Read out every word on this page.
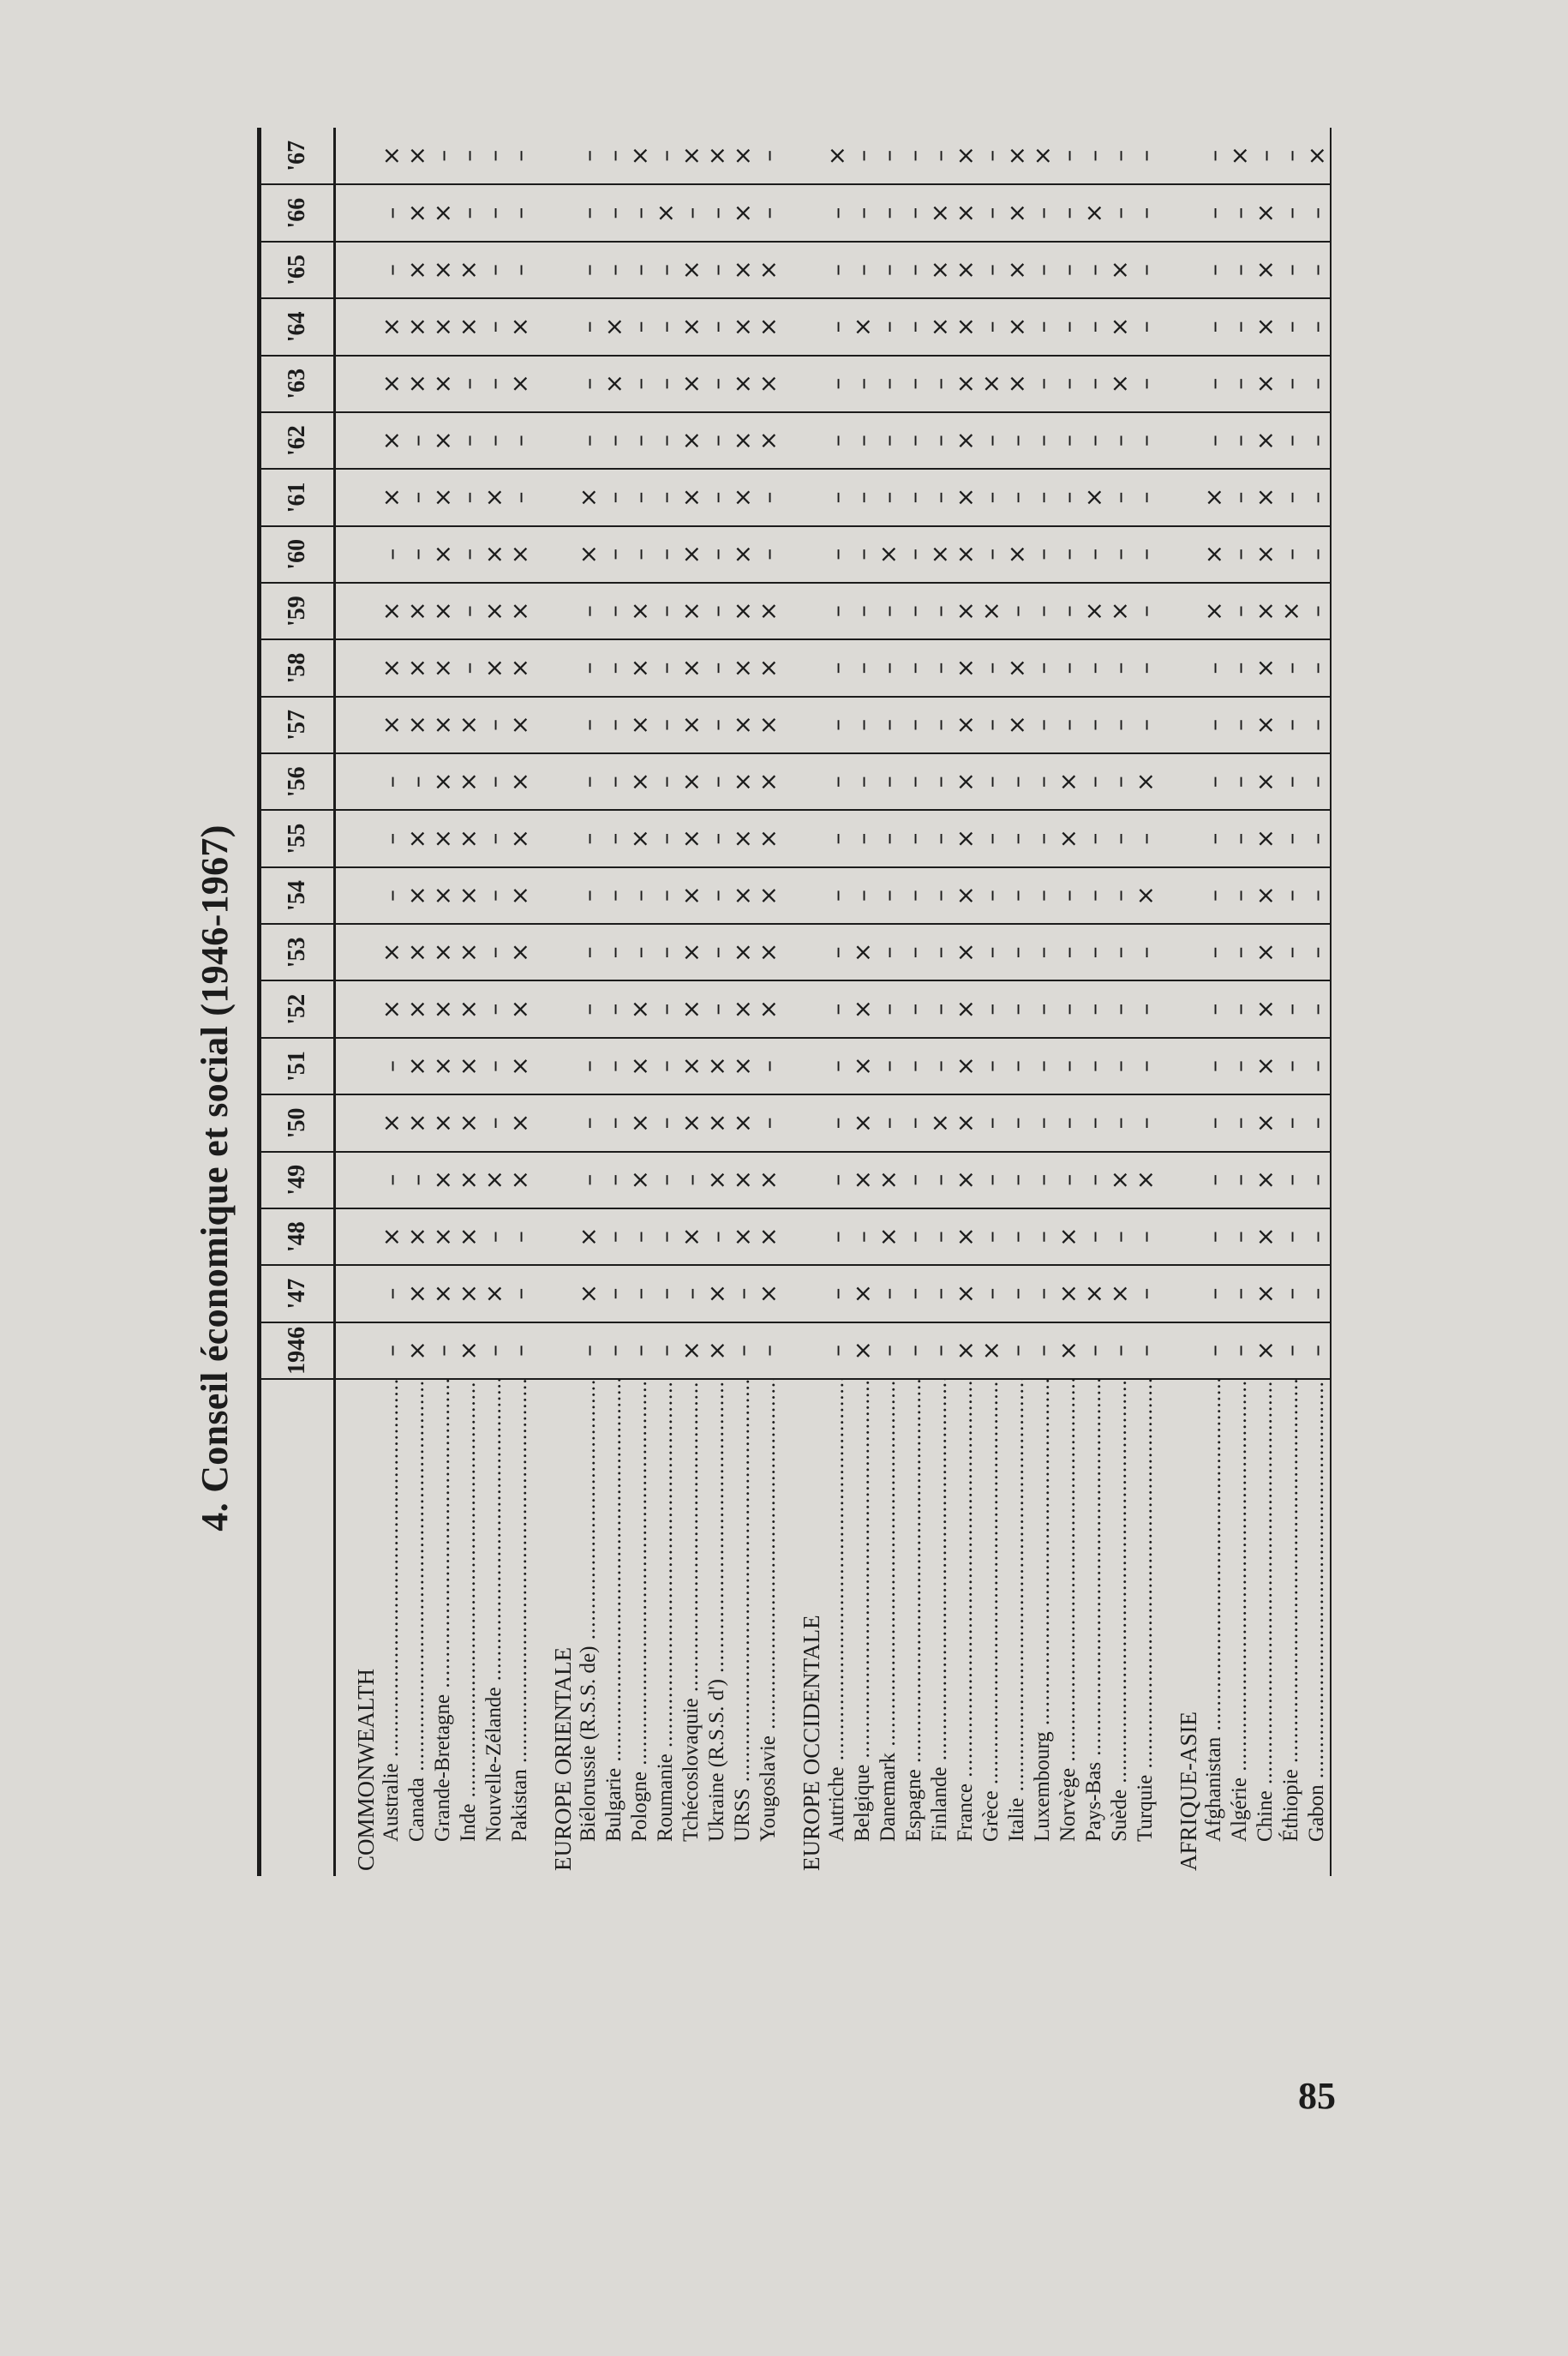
4. Conseil économique et social (1946-1967)
	1946	'47	'48	'49	'50	'51	'52	'53	'54	'55	'56	'57	'58	'59	'60	'61	'62	'63	'64	'65	'66	'67
COMMONWEALTH																						
Australie .....	–	–	×	–	×	–	×	×	–	–	–	×	×	×	–	×	×	×	×	–	–	×
Canada .....	×	×	×	–	×	×	×	×	×	×	–	×	×	×	–	–	–	×	×	×	×	×
Grande-Bretagne .....	–	×	×	×	×	×	×	×	×	×	×	×	×	×	×	×	×	×	×	×	×	–
Inde .....	×	×	×	×	×	×	×	×	×	×	×	×	–	–	–	–	–	–	×	×	–	–
Nouvelle-Zélande .....	–	×	–	×	–	–	–	–	–	–	–	–	×	×	×	×	–	–	–	–	–	–
Pakistan .....	–	–	–	×	×	×	×	×	×	×	×	×	×	×	×	–	–	×	×	–	–	–
EUROPE ORIENTALE																						
Biélorussie (R.S.S. de) .....	–	×	×	–	–	–	–	–	–	–	–	–	–	–	×	×	–	–	–	–	–	–
Bulgarie .....	–	–	–	–	–	–	–	–	–	–	–	–	–	–	–	–	–	×	×	–	–	–
Pologne .....	–	–	–	×	×	×	×	–	–	×	×	×	×	×	–	–	–	–	–	–	–	×
Roumanie .....	–	–	–	–	–	–	–	–	–	–	–	–	–	–	–	–	–	–	–	–	×	–
Tchécoslovaquie .....	×	–	×	–	×	×	×	×	×	×	×	×	×	×	×	×	×	×	×	×	–	×
Ukraine (R.S.S. d') .....	×	×	–	×	×	×	–	–	–	–	–	–	–	–	–	–	–	–	–	–	–	×
URSS .....	–	–	×	×	×	×	×	×	×	×	×	×	×	×	×	×	×	×	×	×	×	×
Yougoslavie .....	–	×	×	×	–	–	×	×	×	×	×	×	×	×	–	–	×	×	×	×	–	–
EUROPE OCCIDENTALE																						
Autriche .....	–	–	–	–	–	–	–	–	–	–	–	–	–	–	–	–	–	–	–	–	–	×
Belgique .....	×	×	–	×	×	×	×	×	–	–	–	–	–	–	–	–	–	–	×	–	–	–
Danemark .....	–	–	×	×	–	–	–	–	–	–	–	–	–	–	×	–	–	–	–	–	–	–
Espagne .....	–	–	–	–	–	–	–	–	–	–	–	–	–	–	–	–	–	–	–	–	–	–
Finlande .....	–	–	–	–	×	–	–	–	–	–	–	–	–	–	×	–	–	–	×	×	×	–
France .....	×	×	×	×	×	×	×	×	×	×	×	×	×	×	×	×	×	×	×	×	×	×
Grèce .....	×	–	–	–	–	–	–	–	–	–	–	–	–	×	–	–	–	×	–	–	–	–
Italie .....	–	–	–	–	–	–	–	–	–	–	–	×	×	–	×	–	–	×	×	×	×	×
Luxembourg .....	–	–	–	–	–	–	–	–	–	–	–	–	–	–	–	–	–	–	–	–	–	×
Norvège .....	×	×	×	–	–	–	–	–	–	×	×	–	–	–	–	–	–	–	–	–	–	–
Pays-Bas .....	–	×	–	–	–	–	–	–	–	–	–	–	–	×	–	×	–	–	–	–	×	–
Suède .....	–	×	–	×	–	–	–	–	–	–	–	–	–	×	–	–	–	×	×	×	–	–
Turquie .....	–	–	–	×	–	–	–	–	×	–	×	–	–	–	–	–	–	–	–	–	–	–
AFRIQUE-ASIE																						
Afghanistan .....	–	–	–	–	–	–	–	–	–	–	–	–	–	×	×	×	–	–	–	–	–	–
Algérie .....	–	–	–	–	–	–	–	–	–	–	–	–	–	–	–	–	–	–	–	–	–	×
Chine .....	×	×	×	×	×	×	×	×	×	×	×	×	×	×	×	×	×	×	×	×	×	–
Éthiopie .....	–	–	–	–	–	–	–	–	–	–	–	–	–	×	–	–	–	–	–	–	–	–
Gabon .....	–	–	–	–	–	–	–	–	–	–	–	–	–	–	–	–	–	–	–	–	–	×
85
